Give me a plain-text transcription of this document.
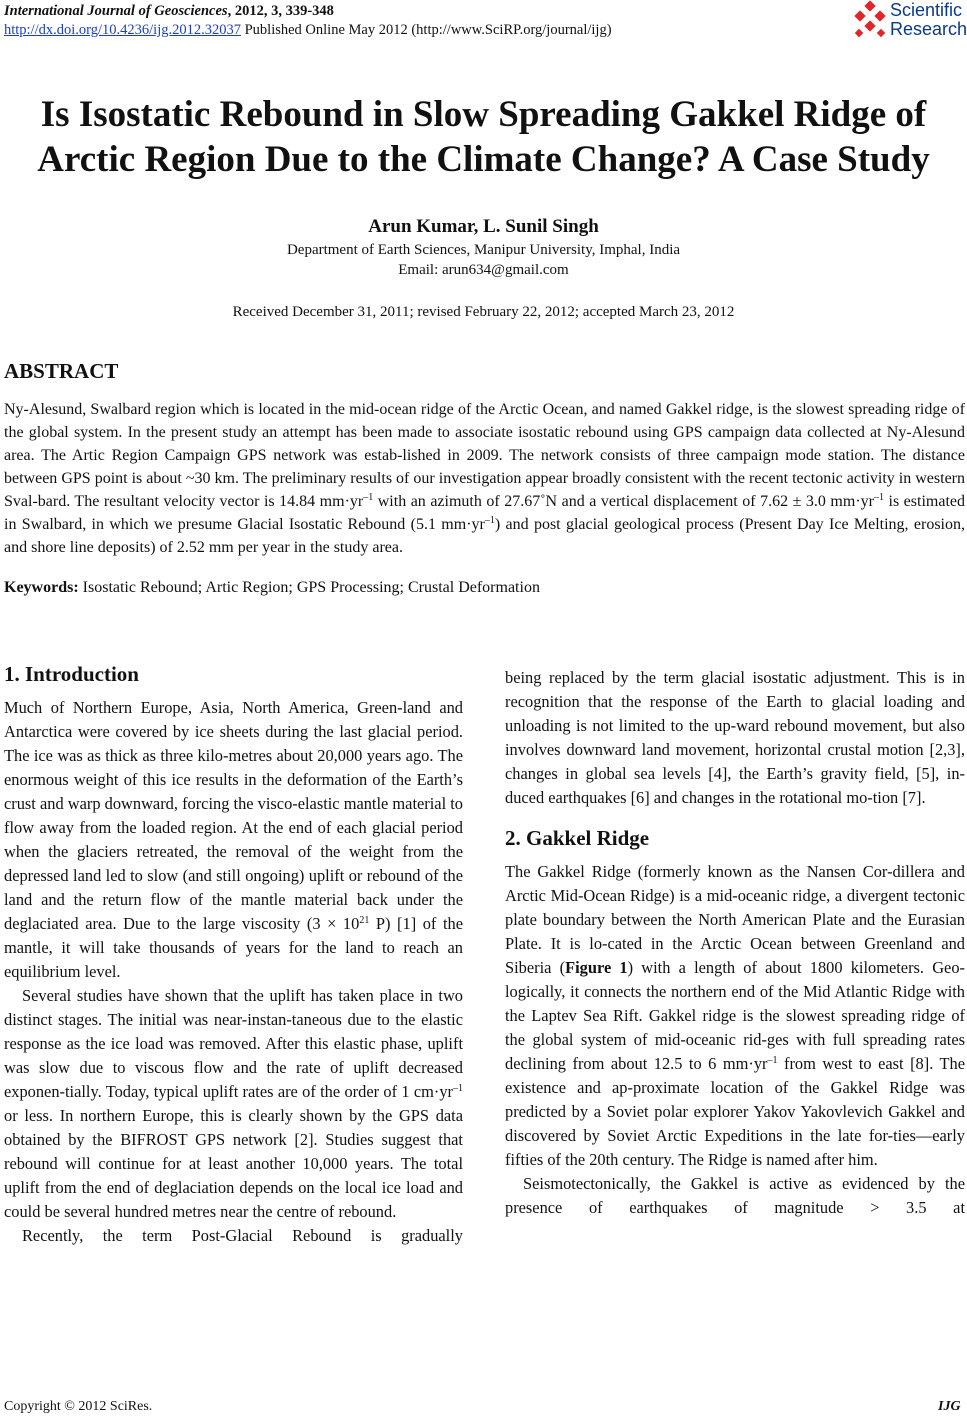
International Journal of Geosciences, 2012, 3, 339-348
http://dx.doi.org/10.4236/ijg.2012.32037 Published Online May 2012 (http://www.SciRP.org/journal/ijg)
Scientific
Research
Is Isostatic Rebound in Slow Spreading Gakkel Ridge of
Arctic Region Due to the Climate Change? A Case Study
Arun Kumar, L. Sunil Singh
Department of Earth Sciences, Manipur University, Imphal, India
Email: arun634@gmail.com
Received December 31, 2011; revised February 22, 2012; accepted March 23, 2012
ABSTRACT
Ny-Alesund, Swalbard region which is located in the mid-ocean ridge of the Arctic Ocean, and named Gakkel ridge, is the slowest spreading ridge of the global system. In the present study an attempt has been made to associate isostatic rebound using GPS campaign data collected at Ny-Alesund area. The Artic Region Campaign GPS network was estab-lished in 2009. The network consists of three campaign mode station. The distance between GPS point is about ~30 km. The preliminary results of our investigation appear broadly consistent with the recent tectonic activity in western Sval-bard. The resultant velocity vector is 14.84 $mm\cdot yr^{-1}$ with an azimuth of 27.67˚N and a vertical displacement of 7.62 ± 3.0 $mm\cdot yr^{-1}$ is estimated in Swalbard, in which we presume Glacial Isostatic Rebound (5.1 $mm\cdot yr^{-1}$) and post glacial geological process (Present Day Ice Melting, erosion, and shore line deposits) of 2.52 mm per year in the study area.
Keywords: Isostatic Rebound; Artic Region; GPS Processing; Crustal Deformation
1. Introduction

Much of Northern Europe, Asia, North America, Green-land and Antarctica were covered by ice sheets during the last glacial period. The ice was as thick as three kilo-metres about 20,000 years ago. The enormous weight of this ice results in the deformation of the Earth’s crust and warp downward, forcing the visco-elastic mantle material to flow away from the loaded region. At the end of each glacial period when the glaciers retreated, the removal of the weight from the depressed land led to slow (and still ongoing) uplift or rebound of the land and the return flow of the mantle material back under the deglaciated area. Due to the large viscosity ($3 \times 10^{21}$ P) [1] of the mantle, it will take thousands of years for the land to reach an equilibrium level.

Several studies have shown that the uplift has taken place in two distinct stages. The initial was near-instan-taneous due to the elastic response as the ice load was removed. After this elastic phase, uplift was slow due to viscous flow and the rate of uplift decreased exponen-tially. Today, typical uplift rates are of the order of 1 $cm\cdot yr^{-1}$ or less. In northern Europe, this is clearly shown by the GPS data obtained by the BIFROST GPS network [2]. Studies suggest that rebound will continue for at least another 10,000 years. The total uplift from the end of deglaciation depends on the local ice load and could be several hundred metres near the centre of rebound.

Recently, the term Post-Glacial Rebound is gradually

being replaced by the term glacial isostatic adjustment. This is in recognition that the response of the Earth to glacial loading and unloading is not limited to the up-ward rebound movement, but also involves downward land movement, horizontal crustal motion [2,3], changes in global sea levels [4], the Earth’s gravity field, [5], in-duced earthquakes [6] and changes in the rotational mo-tion [7].

2. Gakkel Ridge

The Gakkel Ridge (formerly known as the Nansen Cor-dillera and Arctic Mid-Ocean Ridge) is a mid-oceanic ridge, a divergent tectonic plate boundary between the North American Plate and the Eurasian Plate. It is lo-cated in the Arctic Ocean between Greenland and Siberia (Figure 1) with a length of about 1800 kilometers. Geo-logically, it connects the northern end of the Mid Atlantic Ridge with the Laptev Sea Rift. Gakkel ridge is the slowest spreading ridge of the global system of mid-oceanic rid-ges with full spreading rates declining from about 12.5 to 6 $mm\cdot yr^{-1}$ from west to east [8]. The existence and ap-proximate location of the Gakkel Ridge was predicted by a Soviet polar explorer Yakov Yakovlevich Gakkel and discovered by Soviet Arctic Expeditions in the late for-ties—early fifties of the 20th century. The Ridge is named after him.

Seismotectonically, the Gakkel is active as evidenced by the presence of earthquakes of magnitude > 3.5 at

Copyright © 2012 SciRes.	IJG
